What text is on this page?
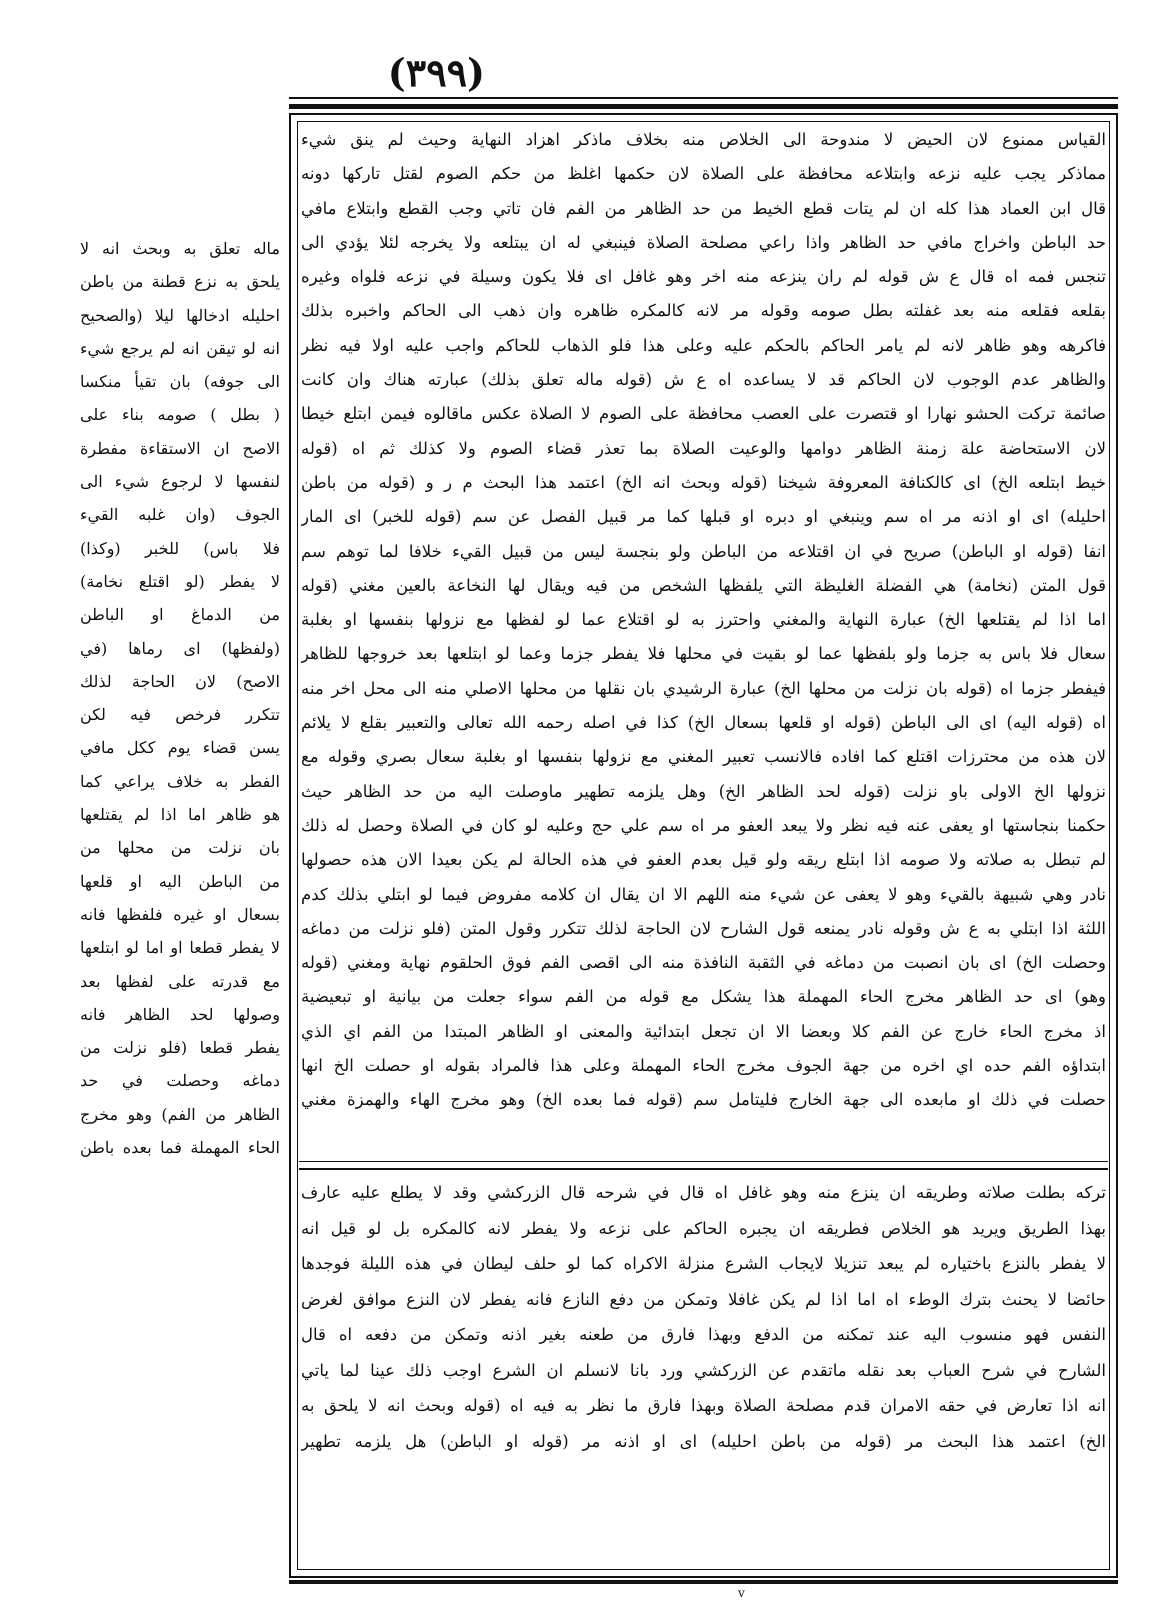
(٣٩٩)
القياس ممنوع لان الحيض لا مندوحة الى الخلاص منه بخلاف ماذكر اهزاد النهاية وحيث لم ينق شيء
مماذكر يجب عليه نزعه وابتلاعه محافظة على الصلاة لان حكمها اغلظ من حكم الصوم لقتل تاركها دونه
قال ابن العماد هذا كله ان لم يتات قطع الخيط من حد الظاهر من الفم فان تاتي وجب القطع وابتلاع مافي
حد الباطن واخراج مافي حد الظاهر واذا راعي مصلحة الصلاة فينبغي له ان يبتلعه ولا يخرجه لئلا يؤدي الى
تنجس فمه اه قال ع ش قوله لم ران ينزعه منه اخر وهو غافل اى فلا يكون وسيلة في نزعه فلواه وغيره
بقلعه فقلعه منه بعد غفلته بطل صومه وقوله مر لانه كالمكره ظاهره وان ذهب الى الحاكم واخبره بذلك
فاكرهه وهو ظاهر لانه لم يامر الحاكم بالحكم عليه وعلى هذا فلو الذهاب للحاكم واجب عليه اولا فيه نظر
والظاهر عدم الوجوب لان الحاكم قد لا يساعده اه ع ش (قوله ماله تعلق بذلك) عبارته هناك وان كانت
صائمة تركت الحشو نهارا او قتصرت على العصب محافظة على الصوم لا الصلاة عكس ماقالوه فيمن ابتلع خيطا
لان الاستحاضة علة زمنة الظاهر دوامها والوعيت الصلاة بما تعذر قضاء الصوم ولا كذلك ثم اه (قوله
خيط ابتلعه الخ) اى كالكنافة المعروفة شيخنا (قوله وبحث انه الخ) اعتمد هذا البحث م ر و (قوله من باطن
احليله) اى او اذنه مر اه سم وينبغي او دبره او قبلها كما مر قبيل الفصل عن سم (قوله للخبر) اى المار
انفا (قوله او الباطن) صريح في ان اقتلاعه من الباطن ولو بنجسة ليس من قبيل القيء خلافا لما توهم سم
قول المتن (نخامة) هي الفضلة الغليظة التي يلفظها الشخص من فيه ويقال لها النخاعة بالعين مغني (قوله
اما اذا لم يقتلعها الخ) عبارة النهاية والمغني واحترز به لو اقتلاع عما لو لفظها مع نزولها بنفسها او بغلبة
سعال فلا باس به جزما ولو بلفظها عما لو بقيت في محلها فلا يفطر جزما وعما لو ابتلعها بعد خروجها للظاهر
فيفطر جزما اه (قوله بان نزلت من محلها الخ) عبارة الرشيدي بان نقلها من محلها الاصلي منه الى محل اخر منه
اه (قوله اليه) اى الى الباطن (قوله او قلعها بسعال الخ) كذا في اصله رحمه الله تعالى والتعبير بقلع لا يلائم
لان هذه من محترزات اقتلع كما افاده فالانسب تعبير المغني مع نزولها بنفسها او بغلبة سعال بصري وقوله مع
نزولها الخ الاولى باو نزلت (قوله لحد الظاهر الخ) وهل يلزمه تطهير ماوصلت اليه من حد الظاهر حيث
حكمنا بنجاستها او يعفى عنه فيه نظر ولا يبعد العفو مر اه سم علي حج وعليه لو كان في الصلاة وحصل له ذلك
لم تبطل به صلاته ولا صومه اذا ابتلع ريقه ولو قيل بعدم العفو في هذه الحالة لم يكن بعيدا الان هذه حصولها
نادر وهي شبيهة بالقيء وهو لا يعفى عن شيء منه اللهم الا ان يقال ان كلامه مفروض فيما لو ابتلي بذلك كدم
اللثة اذا ابتلي به ع ش وقوله نادر يمنعه قول الشارح لان الحاجة لذلك تتكرر وقول المتن (فلو نزلت من دماغه
وحصلت الخ) اى بان انصبت من دماغه في الثقبة النافذة منه الى اقصى الفم فوق الحلقوم نهاية ومغني (قوله
وهو) اى حد الظاهر مخرج الحاء المهملة هذا يشكل مع قوله من الفم سواء جعلت من بيانية او تبعيضية
اذ مخرج الحاء خارج عن الفم كلا وبعضا الا ان تجعل ابتدائية والمعنى او الظاهر المبتدا من الفم اي الذي
ابتداؤه الفم حده اي اخره من جهة الجوف مخرج الحاء المهملة وعلى هذا فالمراد بقوله او حصلت الخ انها
حصلت في ذلك او مابعده الى جهة الخارج فليتامل سم (قوله فما بعده الخ) وهو مخرج الهاء والهمزة مغني
تركه بطلت صلاته وطريقه ان ينزع منه وهو غافل اه قال في شرحه قال الزركشي وقد لا يطلع عليه عارف
بهذا الطريق ويريد هو الخلاص فطريقه ان يجبره الحاكم على نزعه ولا يفطر لانه كالمكره بل لو قيل انه
لا يفطر بالنزع باختياره لم يبعد تنزيلا لايجاب الشرع منزلة الاكراه كما لو حلف ليطان في هذه الليلة فوجدها
حائضا لا يحنث بترك الوطء اه اما اذا لم يكن غافلا وتمكن من دفع النازع فانه يفطر لان النزع موافق لغرض
النفس فهو منسوب اليه عند تمكنه من الدفع وبهذا فارق من طعنه بغير اذنه وتمكن من دفعه اه قال
الشارح في شرح العباب بعد نقله ماتقدم عن الزركشي ورد بانا لانسلم ان الشرع اوجب ذلك عينا لما ياتي
انه اذا تعارض في حقه الامران قدم مصلحة الصلاة وبهذا فارق ما نظر به فيه اه (قوله وبحث انه لا يلحق به
الخ) اعتمد هذا البحث مر (قوله من باطن احليله) اى او اذنه مر (قوله او الباطن) هل يلزمه تطهير
ماله تعلق به وبحث انه لا
يلحق به نزع قطنة من باطن
احليله ادخالها ليلا (والصحيح
انه لو تيقن انه لم يرجع شيء
الى جوفه) بان تقيأ منكسا
( بطل ) صومه بناء على
الاصح ان الاستقاءة مفطرة
لنفسها لا لرجوع شيء الى
الجوف (وان غلبه القيء
فلا باس) للخبر (وكذا)
لا يفطر (لو اقتلع نخامة)
من الدماغ او الباطن
(ولفظها) اى رماها (في
الاصح) لان الحاجة لذلك
تتكرر فرخص فيه لكن
يسن قضاء يوم ككل مافي
الفطر به خلاف يراعي كما
هو ظاهر اما اذا لم يقتلعها
بان نزلت من محلها من
من الباطن اليه او قلعها
بسعال او غيره فلفظها فانه
لا يفطر قطعا او اما لو ابتلعها
مع قدرته على لفظها بعد
وصولها لحد الظاهر فانه
يفطر قطعا (فلو نزلت من
دماغه وحصلت في حد
الظاهر من الفم) وهو مخرج
الحاء المهملة فما بعده باطن
v
